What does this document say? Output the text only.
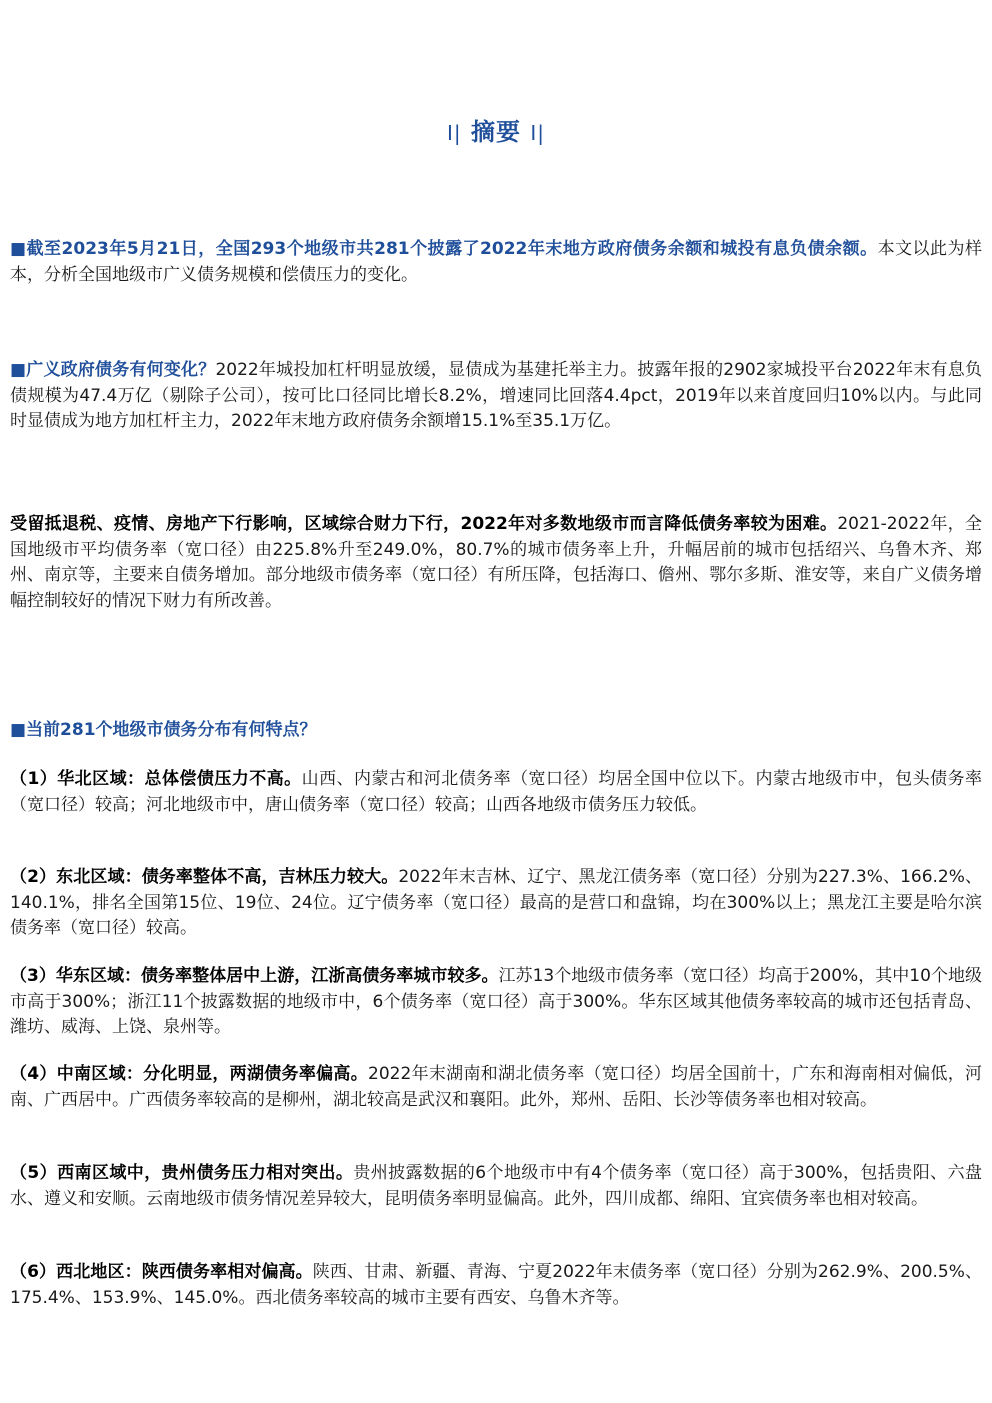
I| 摘要 I|
■截至2023年5月21日，全国293个地级市共281个披露了2022年末地方政府债务余额和城投有息负债余额。本文以此为样本，分析全国地级市广义债务规模和偿债压力的变化。
■广义政府债务有何变化？2022年城投加杠杆明显放缓，显债成为基建托举主力。披露年报的2902家城投平台2022年末有息负债规模为47.4万亿（剔除子公司），按可比口径同比增长8.2%，增速同比回落4.4pct，2019年以来首度回归10%以内。与此同时显债成为地方加杠杆主力，2022年末地方政府债务余额增15.1%至35.1万亿。
受留抵退税、疫情、房地产下行影响，区域综合财力下行，2022年对多数地级市而言降低债务率较为困难。2021-2022年，全国地级市平均债务率（宽口径）由225.8%升至249.0%，80.7%的城市债务率上升，升幅居前的城市包括绍兴、乌鲁木齐、郑州、南京等，主要来自债务增加。部分地级市债务率（宽口径）有所压降，包括海口、儋州、鄂尔多斯、淮安等，来自广义债务增幅控制较好的情况下财力有所改善。
■当前281个地级市债务分布有何特点？
（1）华北区域：总体偿债压力不高。山西、内蒙古和河北债务率（宽口径）均居全国中位以下。内蒙古地级市中，包头债务率（宽口径）较高；河北地级市中，唐山债务率（宽口径）较高；山西各地级市债务压力较低。
（2）东北区域：债务率整体不高，吉林压力较大。2022年末吉林、辽宁、黑龙江债务率（宽口径）分别为227.3%、166.2%、140.1%，排名全国第15位、19位、24位。辽宁债务率（宽口径）最高的是营口和盘锦，均在300%以上；黑龙江主要是哈尔滨债务率（宽口径）较高。
（3）华东区域：债务率整体居中上游，江浙高债务率城市较多。江苏13个地级市债务率（宽口径）均高于200%，其中10个地级市高于300%；浙江11个披露数据的地级市中，6个债务率（宽口径）高于300%。华东区域其他债务率较高的城市还包括青岛、潍坊、威海、上饶、泉州等。
（4）中南区域：分化明显，两湖债务率偏高。2022年末湖南和湖北债务率（宽口径）均居全国前十，广东和海南相对偏低，河南、广西居中。广西债务率较高的是柳州，湖北较高是武汉和襄阳。此外，郑州、岳阳、长沙等债务率也相对较高。
（5）西南区域中，贵州债务压力相对突出。贵州披露数据的6个地级市中有4个债务率（宽口径）高于300%，包括贵阳、六盘水、遵义和安顺。云南地级市债务情况差异较大，昆明债务率明显偏高。此外，四川成都、绵阳、宜宾债务率也相对较高。
（6）西北地区：陕西债务率相对偏高。陕西、甘肃、新疆、青海、宁夏2022年末债务率（宽口径）分别为262.9%、200.5%、175.4%、153.9%、145.0%。西北债务率较高的城市主要有西安、乌鲁木齐等。
